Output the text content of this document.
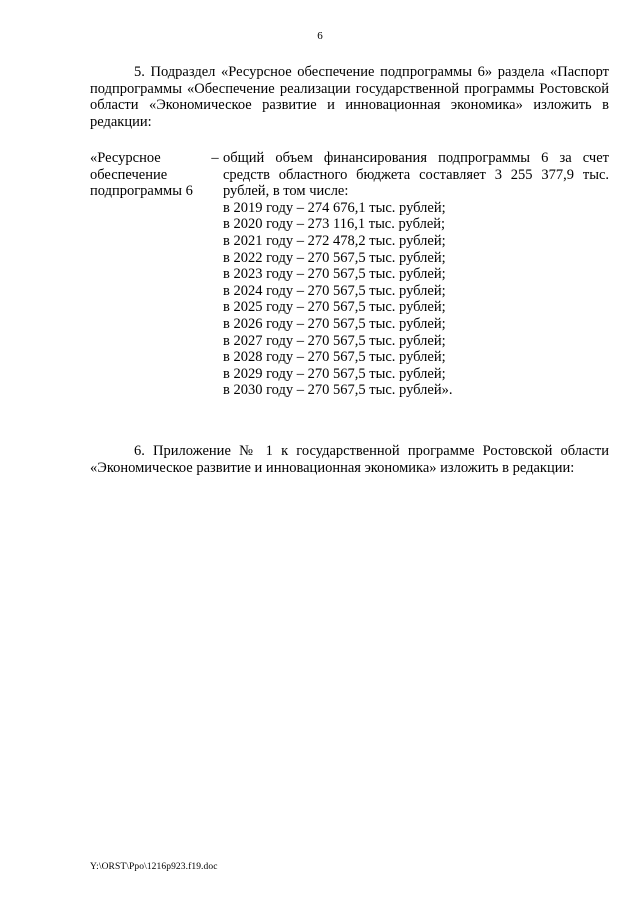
6
5. Подраздел «Ресурсное обеспечение подпрограммы 6» раздела «Паспорт подпрограммы «Обеспечение реализации государственной программы Ростовской области «Экономическое развитие и инновационная экономика» изложить в редакции:
«Ресурсное обеспечение подпрограммы 6
– общий объем финансирования подпрограммы 6 за счет средств областного бюджета составляет 3 255 377,9 тыс. рублей, в том числе:
в 2019 году – 274 676,1 тыс. рублей;
в 2020 году – 273 116,1 тыс. рублей;
в 2021 году – 272 478,2 тыс. рублей;
в 2022 году – 270 567,5 тыс. рублей;
в 2023 году – 270 567,5 тыс. рублей;
в 2024 году – 270 567,5 тыс. рублей;
в 2025 году – 270 567,5 тыс. рублей;
в 2026 году – 270 567,5 тыс. рублей;
в 2027 году – 270 567,5 тыс. рублей;
в 2028 году – 270 567,5 тыс. рублей;
в 2029 году – 270 567,5 тыс. рублей;
в 2030 году – 270 567,5 тыс. рублей».
6. Приложение № 1 к государственной программе Ростовской области «Экономическое развитие и инновационная экономика» изложить в редакции:
Y:\ORST\Ppo\1216p923.f19.doc
